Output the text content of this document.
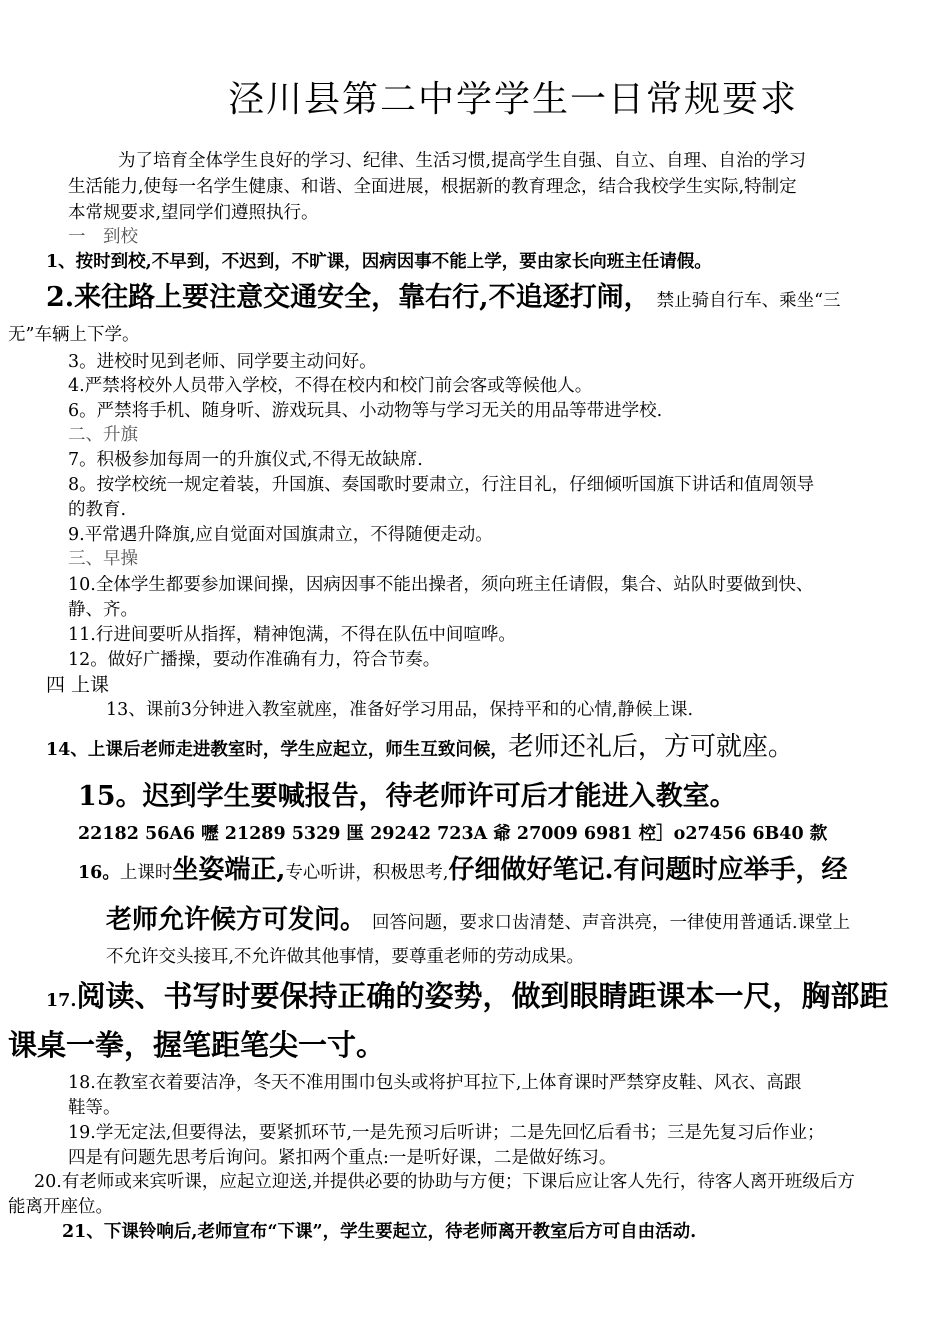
泾川县第二中学学生一日常规要求
为了培育全体学生良好的学习、纪律、生活习惯,提高学生自强、自立、自理、自治的学习
生活能力,使每一名学生健康、和谐、全面进展，根据新的教育理念，结合我校学生实际,特制定
本常规要求,望同学们遵照执行。
一　到校
1、按时到校,不早到，不迟到，不旷课，因病因事不能上学，要由家长向班主任请假。
2.来往路上要注意交通安全，靠右行,不追逐打闹， 禁止骑自行车、乘坐“三
无”车辆上下学。
3。进校时见到老师、同学要主动问好。
4.严禁将校外人员带入学校，不得在校内和校门前会客或等候他人。
6。严禁将手机、随身听、游戏玩具、小动物等与学习无关的用品等带进学校.
二、升旗
7。积极参加每周一的升旗仪式,不得无故缺席.
8。按学校统一规定着装，升国旗、奏国歌时要肃立，行注目礼，仔细倾听国旗下讲话和值周领导
的教育.
9.平常遇升降旗,应自觉面对国旗肃立，不得随便走动。
三、早操
10.全体学生都要参加课间操，因病因事不能出操者，须向班主任请假，集合、站队时要做到快、
静、齐。
11.行进间要听从指挥，精神饱满，不得在队伍中间喧哗。
12。做好广播操，要动作准确有力，符合节奏。
四 上课
13、课前3分钟进入教室就座，准备好学习用品，保持平和的心情,静候上课.
14、上课后老师走进教室时，学生应起立，师生互致问候，老师还礼后，方可就座。
15。迟到学生要喊报告，待老师许可后才能进入教室。
22182 56A6 嚦 21289 5329 匩 29242 723A 爺 27009 6981 椌］o27456 6B40 歀
16。上课时坐姿端正,专心听讲，积极思考,仔细做好笔记.有问题时应举手，经
老师允许候方可发问。 回答问题，要求口齿清楚、声音洪亮，一律使用普通话.课堂上
不允许交头接耳,不允许做其他事情，要尊重老师的劳动成果。
17.阅读、书写时要保持正确的姿势，做到眼睛距课本一尺，胸部距
课桌一拳，握笔距笔尖一寸。
18.在教室衣着要洁净，冬天不准用围巾包头或将护耳拉下,上体育课时严禁穿皮鞋、风衣、高跟
鞋等。
19.学无定法,但要得法，要紧抓环节,一是先预习后听讲；二是先回忆后看书；三是先复习后作业；
四是有问题先思考后询问。紧扣两个重点:一是听好课，二是做好练习。
20.有老师或来宾听课，应起立迎送,并提供必要的协助与方便；下课后应让客人先行，待客人离开班级后方
能离开座位。
21、下课铃响后,老师宣布“下课”，学生要起立，待老师离开教室后方可自由活动.
